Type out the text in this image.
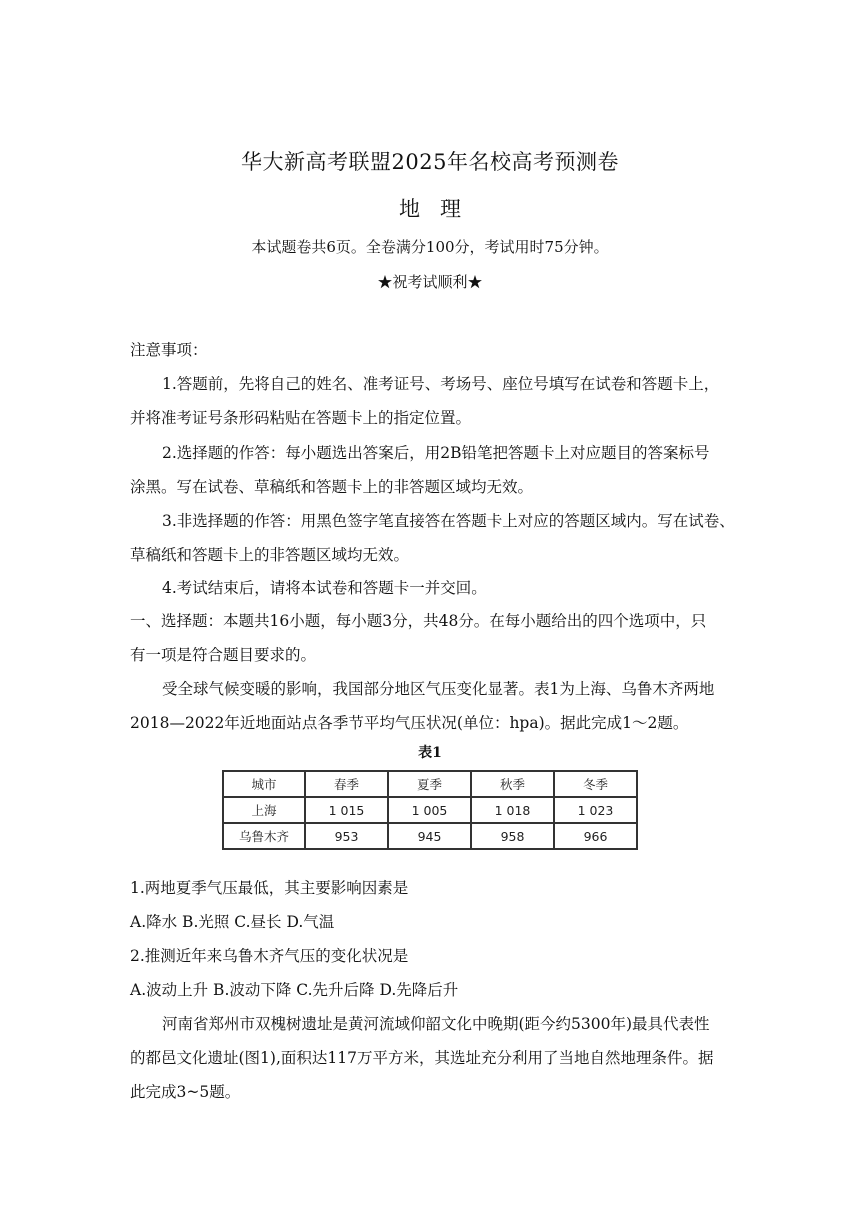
华大新高考联盟2025年名校高考预测卷
地理
本试题卷共6页。全卷满分100分，考试用时75分钟。
★祝考试顺利★
注意事项：
1.答题前，先将自己的姓名、准考证号、考场号、座位号填写在试卷和答题卡上，
并将准考证号条形码粘贴在答题卡上的指定位置。
2.选择题的作答：每小题选出答案后，用2B铅笔把答题卡上对应题目的答案标号
涂黑。写在试卷、草稿纸和答题卡上的非答题区域均无效。
3.非选择题的作答：用黑色签字笔直接答在答题卡上对应的答题区域内。写在试卷、
草稿纸和答题卡上的非答题区域均无效。
4.考试结束后，请将本试卷和答题卡一并交回。
一、选择题：本题共16小题，每小题3分，共48分。在每小题给出的四个选项中，只
有一项是符合题目要求的。
受全球气候变暖的影响，我国部分地区气压变化显著。表1为上海、乌鲁木齐两地
2018—2022年近地面站点各季节平均气压状况(单位：hpa)。据此完成1～2题。
表1
城市	春季	夏季	秋季	冬季
上海	1 015	1 005	1 018	1 023
乌鲁木齐	953	945	958	966
1.两地夏季气压最低，其主要影响因素是
A.降水 B.光照 C.昼长 D.气温
2.推测近年来乌鲁木齐气压的变化状况是
A.波动上升 B.波动下降 C.先升后降 D.先降后升
河南省郑州市双槐树遗址是黄河流域仰韶文化中晚期(距今约5300年)最具代表性
的都邑文化遗址(图1),面积达117万平方米，其选址充分利用了当地自然地理条件。据
此完成3~5题。
